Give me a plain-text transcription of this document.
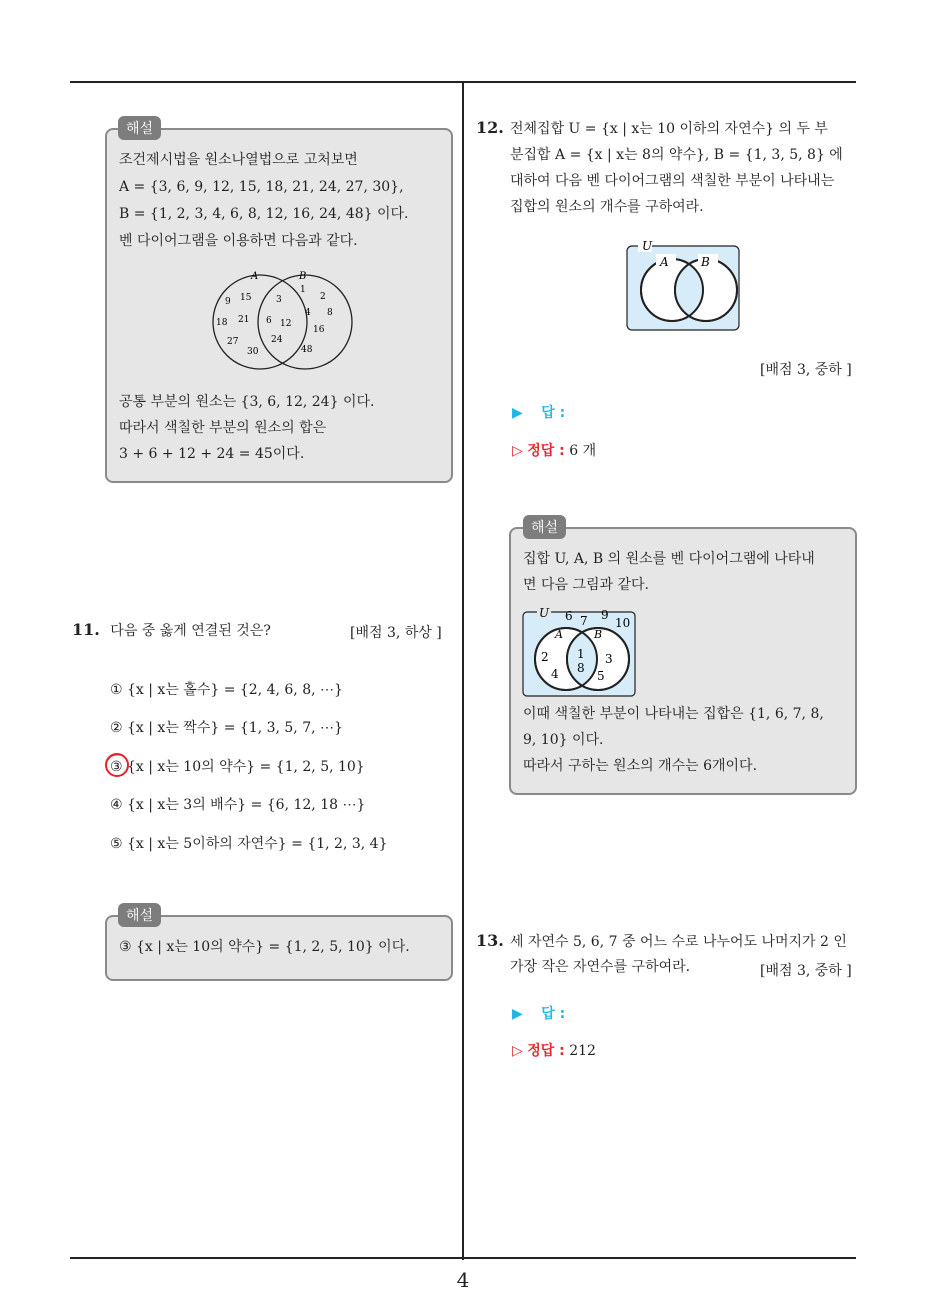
조건제시법을 원소나열법으로 고처보면
A = {3, 6, 9, 12, 15, 18, 21, 24, 27, 30},
B = {1, 2, 3, 4, 6, 8, 12, 16, 24, 48} 이다.
벤 다이어그램을 이용하면 다음과 같다.
A	B
9 15
18 21
27
30
3
6 12
24
1
2
4 8
16
48
공통 부분의 원소는 {3, 6, 12, 24} 이다.
따라서 색칠한 부분의 원소의 합은
3 + 6 + 12 + 24 = 45이다.
해설
11. 다음 중 옳게 연결된 것은?	[배점 3, 하상 ]
① {x | x는 홀수} = {2, 4, 6, 8, ⋯}
② {x | x는 짝수} = {1, 3, 5, 7, ⋯}
③ {x | x는 10의 약수} = {1, 2, 5, 10}
④ {x | x는 3의 배수} = {6, 12, 18 ⋯}
⑤ {x | x는 5이하의 자연수} = {1, 2, 3, 4}
③ {x | x는 10의 약수} = {1, 2, 5, 10} 이다.
해설
12. 전체집합 U = {x | x는 10 이하의 자연수} 의 두 부
분집합 A = {x | x는 8의 약수}, B = {1, 3, 5, 8} 에
대하여 다음 벤 다이어그램의 색칠한 부분이 나타내는
집합의 원소의 개수를 구하여라.
U
A	B
[배점 3, 중하 ]
▶ 답 :
▷ 정답 : 6 개
집합 U, A, B 의 원소를 벤 다이어그램에 나타내
면 다음 그림과 같다.
U
A	B
6 7 9
10
2
4
1
8
3
5
이때 색칠한 부분이 나타내는 집합은 {1, 6, 7, 8,
9, 10} 이다.
따라서 구하는 원소의 개수는 6개이다.
해설
13. 세 자연수 5, 6, 7 중 어느 수로 나누어도 나머지가 2 인
가장 작은 자연수를 구하여라.	[배점 3, 중하 ]
▶ 답 :
▷ 정답 : 212
4
